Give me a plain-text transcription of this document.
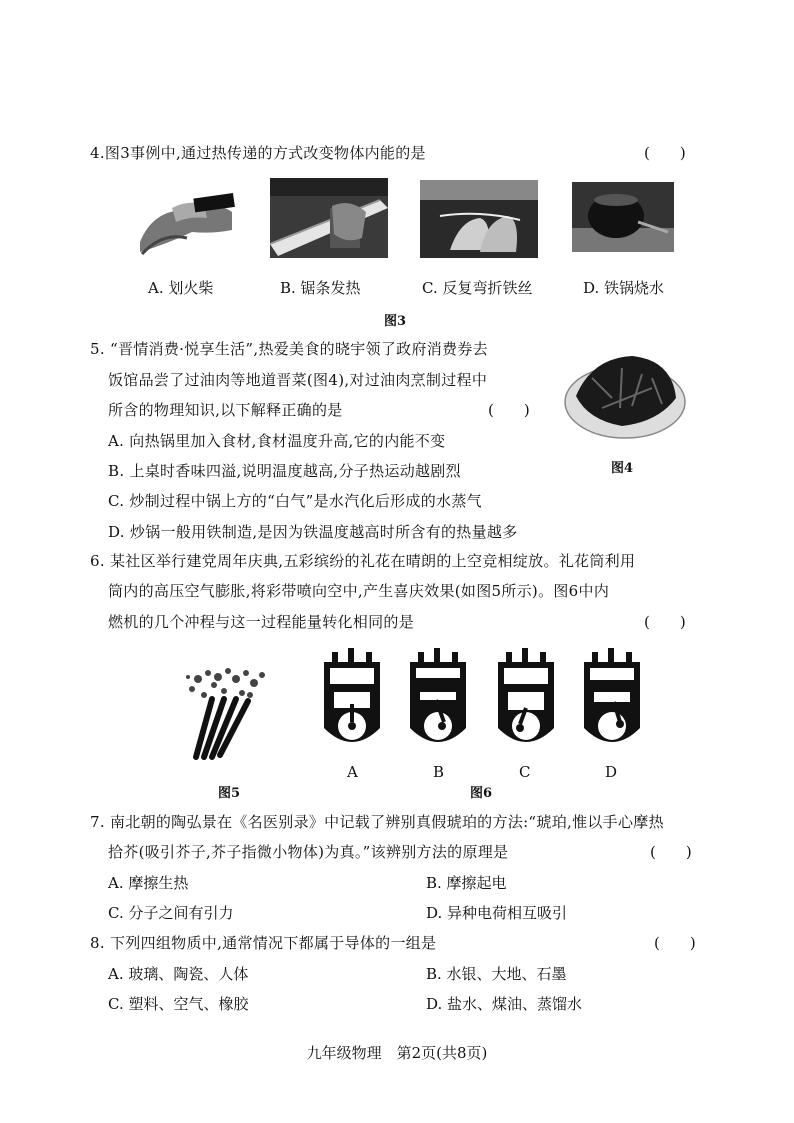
4.图3事例中,通过热传递的方式改变物体内能的是	(　　)
A. 划火柴	B. 锯条发热	C. 反复弯折铁丝	D. 铁锅烧水
图3
5. “晋情消费·悦享生活”,热爱美食的晓宇领了政府消费券去
饭馆品尝了过油肉等地道晋菜(图4),对过油肉烹制过程中
所含的物理知识,以下解释正确的是	(　　)
A. 向热锅里加入食材,食材温度升高,它的内能不变
B. 上桌时香味四溢,说明温度越高,分子热运动越剧烈
C. 炒制过程中锅上方的“白气”是水汽化后形成的水蒸气
D. 炒锅一般用铁制造,是因为铁温度越高时所含有的热量越多
图4
6. 某社区举行建党周年庆典,五彩缤纷的礼花在晴朗的上空竞相绽放。礼花筒利用
筒内的高压空气膨胀,将彩带喷向空中,产生喜庆效果(如图5所示)。图6中内
燃机的几个冲程与这一过程能量转化相同的是	(　　)
图5
A	B	C	D
图6
7. 南北朝的陶弘景在《名医别录》中记载了辨别真假琥珀的方法:“琥珀,惟以手心摩热
拾芥(吸引芥子,芥子指微小物体)为真。”该辨别方法的原理是	(　　)
A. 摩擦生热	B. 摩擦起电
C. 分子之间有引力	D. 异种电荷相互吸引
8. 下列四组物质中,通常情况下都属于导体的一组是	(　　)
A. 玻璃、陶瓷、人体	B. 水银、大地、石墨
C. 塑料、空气、橡胶	D. 盐水、煤油、蒸馏水
九年级物理　第2页(共8页)
